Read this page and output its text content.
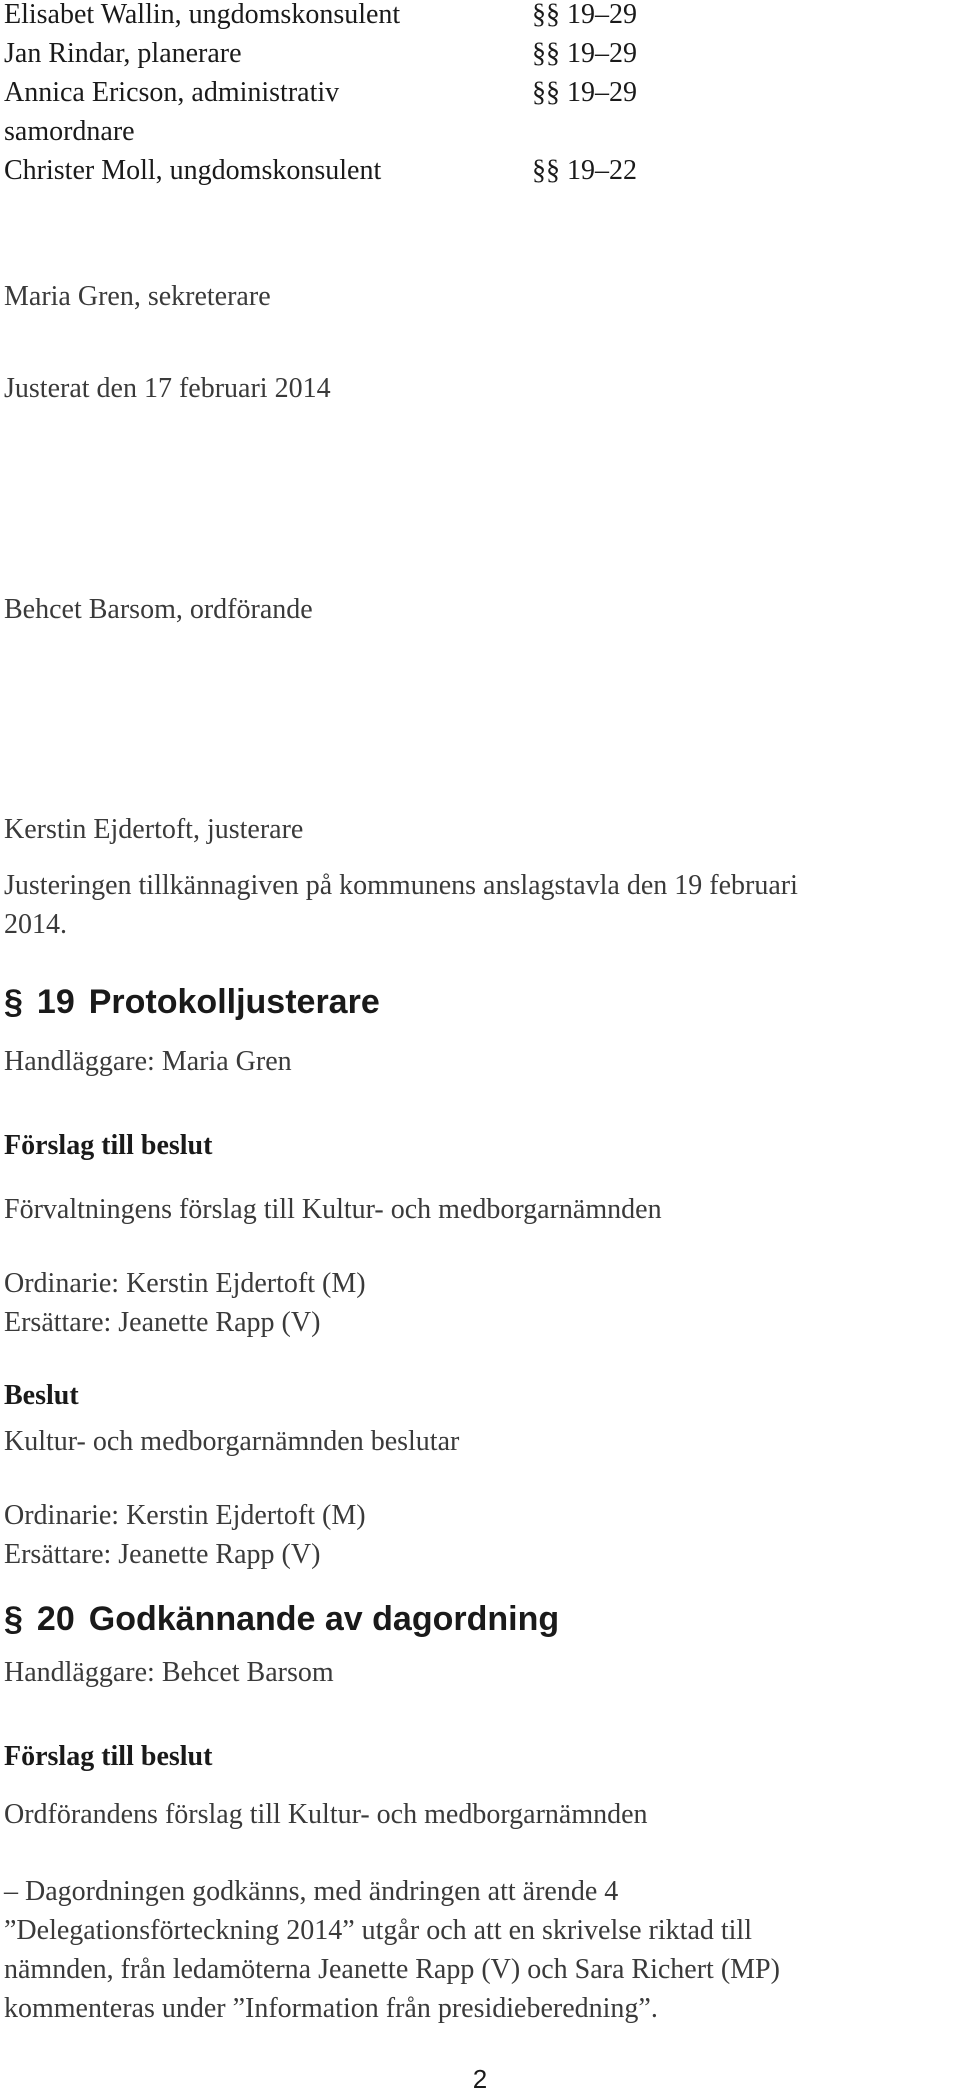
Elisabet Wallin, ungdomskonsulent	§§ 19–29
Jan Rindar, planerare	§§ 19–29
Annica Ericson, administrativ	§§ 19–29
samordnare
Christer Moll, ungdomskonsulent	§§ 19–22
Maria Gren, sekreterare
Justerat den 17 februari 2014
Behcet Barsom, ordförande
Kerstin Ejdertoft, justerare
Justeringen tillkännagiven på kommunens anslagstavla den 19 februari
2014.
§ 19 Protokolljusterare
Handläggare: Maria Gren
Förslag till beslut
Förvaltningens förslag till Kultur- och medborgarnämnden
Ordinarie: Kerstin Ejdertoft (M)
Ersättare: Jeanette Rapp (V)
Beslut
Kultur- och medborgarnämnden beslutar
Ordinarie: Kerstin Ejdertoft (M)
Ersättare: Jeanette Rapp (V)
§ 20 Godkännande av dagordning
Handläggare: Behcet Barsom
Förslag till beslut
Ordförandens förslag till Kultur- och medborgarnämnden
– Dagordningen godkänns, med ändringen att ärende 4
”Delegationsförteckning 2014” utgår och att en skrivelse riktad till
nämnden, från ledamöterna Jeanette Rapp (V) och Sara Richert (MP)
kommenteras under ”Information från presidieberedning”.
2
